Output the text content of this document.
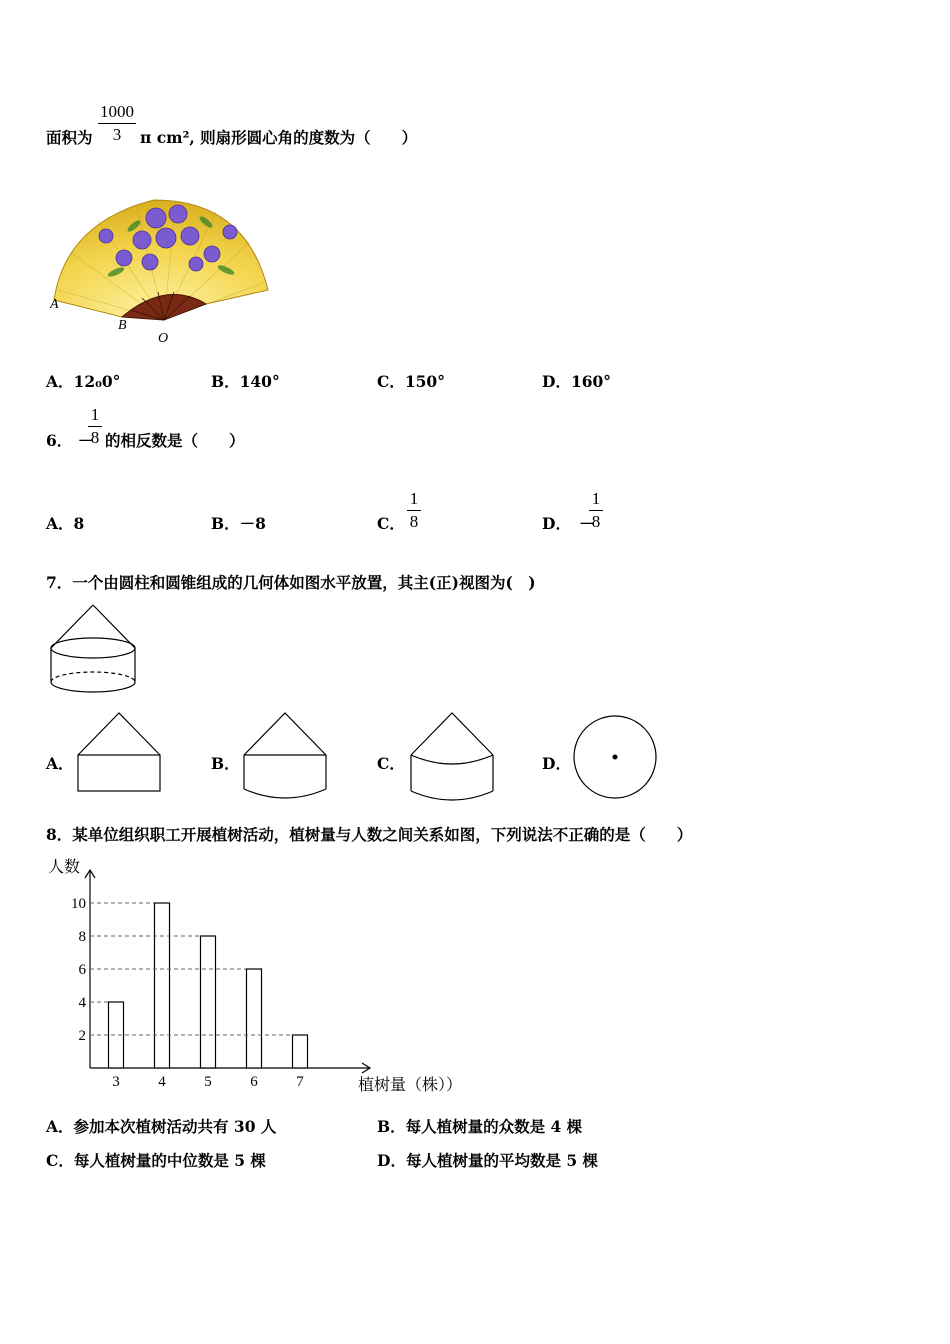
面积为
1000
3	π cm², 则扇形圆心角的度数为（　　）
A
B
O
A．12₀0°	B．140°	C．150°	D．160°
6． －
1
8 的相反数是（　　）
A．8	B．－8	C．
1
8	D． －
1
8
7．一个由圆柱和圆锥组成的几何体如图水平放置，其主(正)视图为(　)
A．	B．	C．	D．
8．某单位组织职工开展植树活动，植树量与人数之间关系如图，下列说法不正确的是（　　）
人数
植树量（株））
2
4
6
8
10
3	4	5	6	7
A．参加本次植树活动共有 30 人	B．每人植树量的众数是 4 棵
C．每人植树量的中位数是 5 棵	D．每人植树量的平均数是 5 棵
